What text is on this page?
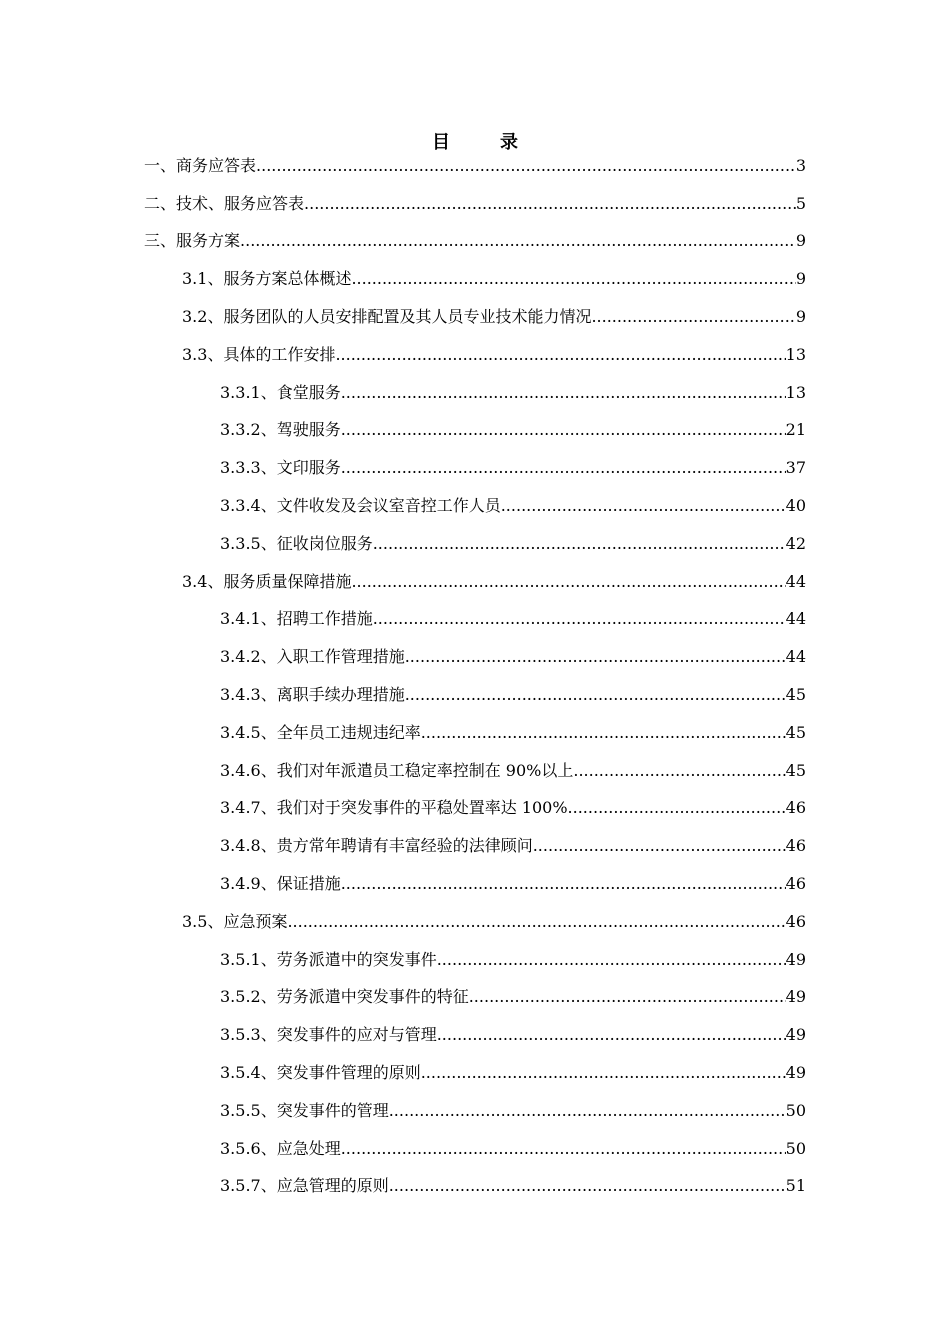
目　录
一、商务应答表 .....	3
二、技术、服务应答表 .....	5
三、服务方案 .....	9
3.1、服务方案总体概述 .....	9
3.2、服务团队的人员安排配置及其人员专业技术能力情况 .....	9
3.3、具体的工作安排 .....	13
3.3.1、食堂服务 .....	13
3.3.2、驾驶服务 .....	21
3.3.3、文印服务 .....	37
3.3.4、文件收发及会议室音控工作人员 .....	40
3.3.5、征收岗位服务 .....	42
3.4、服务质量保障措施 .....	44
3.4.1、招聘工作措施 .....	44
3.4.2、入职工作管理措施 .....	44
3.4.3、离职手续办理措施 .....	45
3.4.5、全年员工违规违纪率 .....	45
3.4.6、我们对年派遣员工稳定率控制在 90%以上 .....	45
3.4.7、我们对于突发事件的平稳处置率达 100% .....	46
3.4.8、贵方常年聘请有丰富经验的法律顾问 .....	46
3.4.9、保证措施 .....	46
3.5、应急预案 .....	46
3.5.1、劳务派遣中的突发事件 .....	49
3.5.2、劳务派遣中突发事件的特征 .....	49
3.5.3、突发事件的应对与管理 .....	49
3.5.4、突发事件管理的原则 .....	49
3.5.5、突发事件的管理 .....	50
3.5.6、应急处理 .....	50
3.5.7、应急管理的原则 .....	51
